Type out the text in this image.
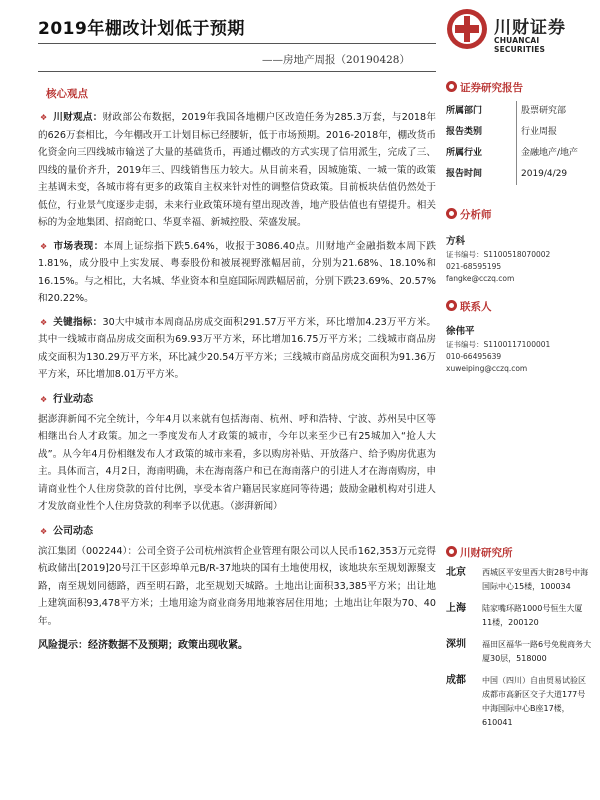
2019年棚改计划低于预期
——房地产周报（20190428）
川财证券
CHUANCAI SECURITIES
核心观点

❖ 川财观点：财政部公布数据，2019年我国各地棚户区改造任务为285.3万套，与2018年的626万套相比，今年棚改开工计划目标已经腰斩，低于市场预期。2016-2018年，棚改货币化资金向三四线城市输送了大量的基础货币，再通过棚改的方式实现了信用派生，完成了三、四线的量价齐升，2019年三、四线销售压力较大。从目前来看，因城施策、一城一策的政策主基调未变，各城市将有更多的政策自主权来针对性的调整信贷政策。目前板块估值仍然处于低位，行业景气度逐步走弱，未来行业政策环境有望出现改善，地产股估值也有望提升。相关标的为金地集团、招商蛇口、华夏幸福、新城控股、荣盛发展。

❖ 市场表现：本周上证综指下跌5.64%，收报于3086.40点。川财地产金融指数本周下跌1.81%，成分股中上实发展、粤泰股份和被展视野涨幅居前，分别为21.68%、18.10%和16.15%。与之相比，大名城、华业资本和皇庭国际周跌幅居前，分别下跌23.69%、20.57%和20.22%。

❖ 关键指标：30大中城市本周商品房成交面积291.57万平方米，环比增加4.23万平方米。其中一线城市商品房成交面积为69.93万平方米，环比增加16.75万平方米；二线城市商品房成交面积为130.29万平方米，环比减少20.54万平方米；三线城市商品房成交面积为91.36万平方米，环比增加8.01万平方米。

❖ 行业动态

据澎湃新闻不完全统计，今年4月以来就有包括海南、杭州、呼和浩特、宁波、苏州吴中区等相继出台人才政策。加之一季度发布人才政策的城市，今年以来至少已有25城加入“抢人大战”。从今年4月份相继发布人才政策的城市来看，多以购房补贴、开放落户、给予购房优惠为主。具体而言，4月2日，海南明确，未在海南落户和已在海南落户的引进人才在海南购房，申请商业性个人住房贷款的首付比例，享受本省户籍居民家庭同等待遇；鼓励金融机构对引进人才发放商业性个人住房贷款的利率予以优惠。（澎湃新闻）

❖ 公司动态

滨江集团（002244）：公司全资子公司杭州滨哲企业管理有限公司以人民币162,353万元竞得杭政储出[2019]20号江干区彭埠单元B/R-37地块的国有土地使用权，该地块东至规划源聚支路，南至规划同德路，西至明石路，北至规划天城路。土地出让面积33,385平方米；出让地上建筑面积93,478平方米；土地用途为商业商务用地兼容居住用地；土地出让年限为70、40年。

风险提示：经济数据不及预期；政策出现收紧。
证券研究报告
所属部门	股票研究部
报告类别	行业周报
所属行业	金融地产/地产
报告时间	2019/4/29
分析师
方科
证书编号：S1100518070002
021-68595195
fangke@cczq.com
联系人
徐伟平
证书编号：S1100117100001
010-66495639
xuweiping@cczq.com
川财研究所
北京	西城区平安里西大街28号中海国际中心15楼，100034
上海	陆家嘴环路1000号恒生大厦11楼，200120
深圳	福田区福华一路6号免税商务大厦30层，518000
成都	中国（四川）自由贸易试验区成都市高新区交子大道177号中海国际中心B座17楼，610041
